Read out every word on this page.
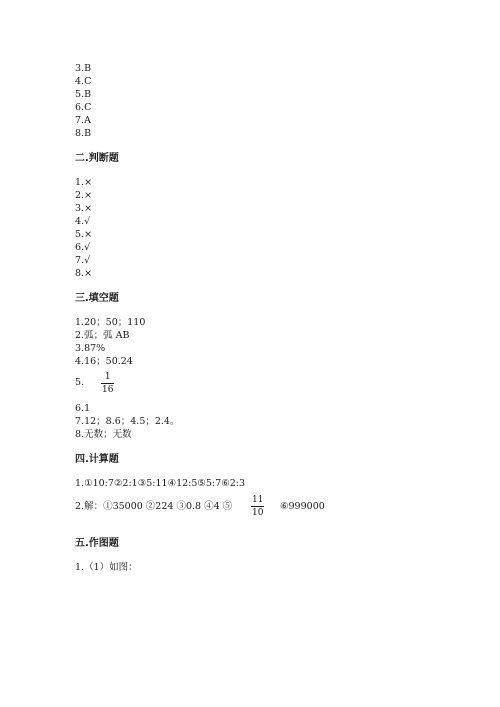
3.B
4.C
5.B
6.C
7.A
8.B
二.判断题
1.×
2.×
3.×
4.√
5.×
6.√
7.√
8.×
三.填空题
1.20；50；110
2.弧；弧 AB
3.87%
4.16；50.24
5.	1
16
6.1
7.12；8.6；4.5；2.4。
8.无数；无数
四.计算题
1.①10:7②2:1③5:11④12:5⑤5:7⑥2:3
2.解：①35000 ②224 ③0.8 ④4 ⑤
11
10
⑥999000
五.作图题
1.（1）如图：
